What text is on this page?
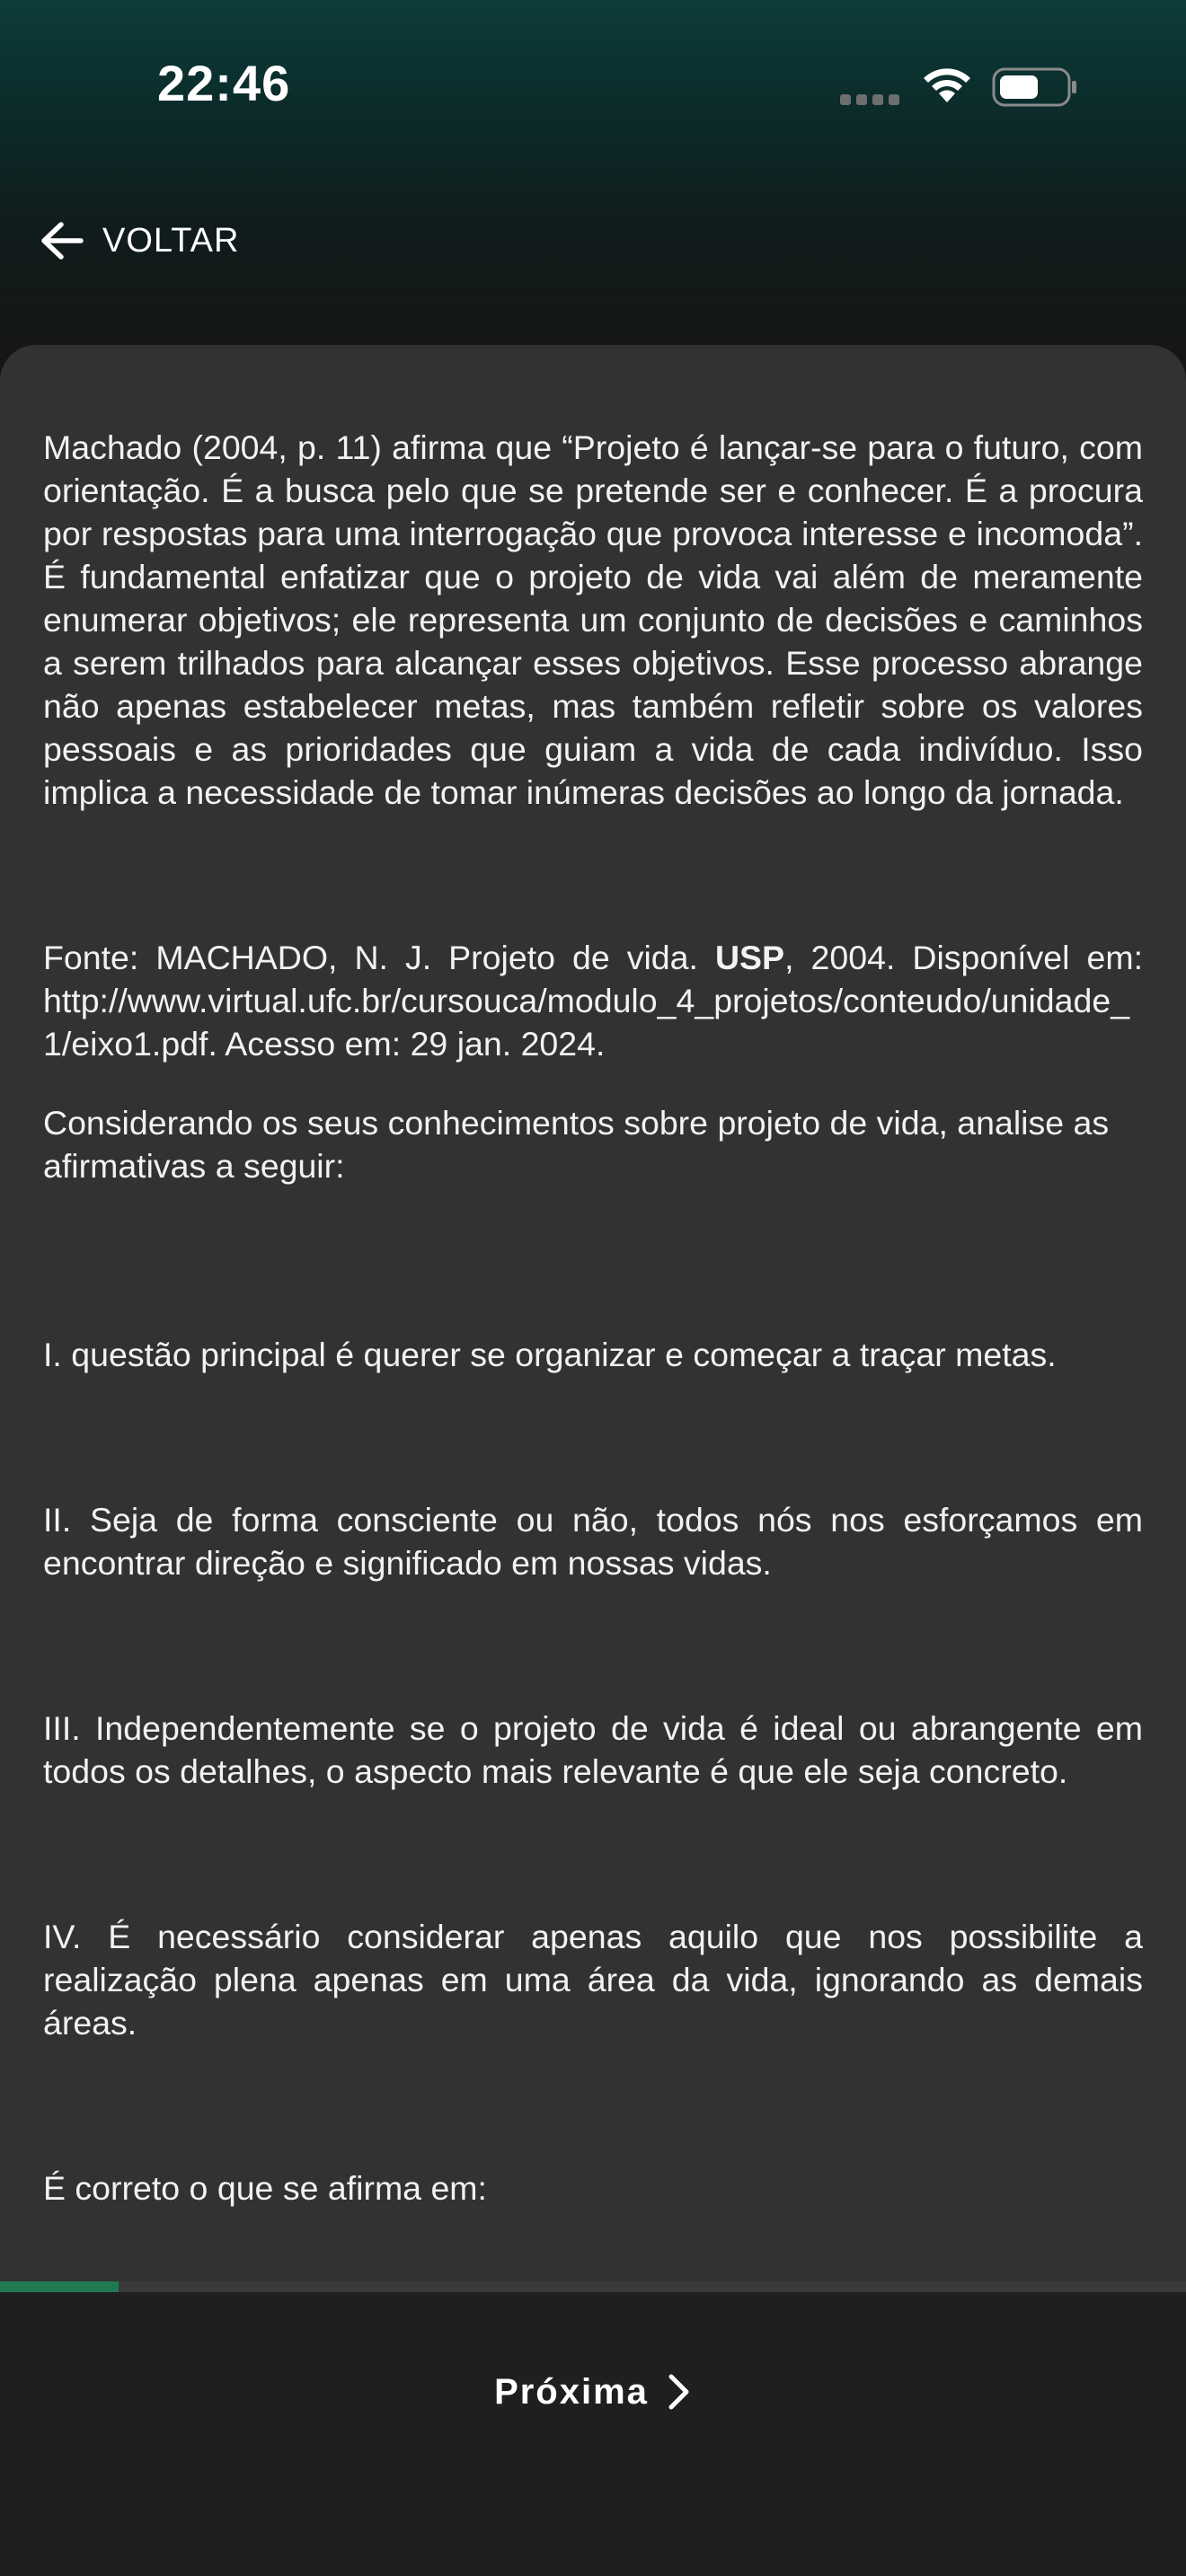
22:46
VOLTAR

Machado (2004, p. 11) afirma que “Projeto é lançar-se para o futuro, com orientação. É a busca pelo que se pretende ser e conhecer. É a procura por respostas para uma interrogação que provoca interesse e incomoda”. É fundamental enfatizar que o projeto de vida vai além de meramente enumerar objetivos; ele representa um conjunto de decisões e caminhos a serem trilhados para alcançar esses objetivos. Esse processo abrange não apenas estabelecer metas, mas também refletir sobre os valores pessoais e as prioridades que guiam a vida de cada indivíduo. Isso implica a necessidade de tomar inúmeras decisões ao longo da jornada.

Fonte: MACHADO, N. J. Projeto de vida. USP, 2004. Disponível em: http://www.virtual.ufc.br/cursouca/modulo_4_projetos/conteudo/unidade_1/eixo1.pdf. Acesso em: 29 jan. 2024.

Considerando os seus conhecimentos sobre projeto de vida, analise as afirmativas a seguir:

I. questão principal é querer se organizar e começar a traçar metas.

II. Seja de forma consciente ou não, todos nós nos esforçamos em encontrar direção e significado em nossas vidas.

III. Independentemente se o projeto de vida é ideal ou abrangente em todos os detalhes, o aspecto mais relevante é que ele seja concreto.

IV. É necessário considerar apenas aquilo que nos possibilite a realização plena apenas em uma área da vida, ignorando as demais áreas.

É correto o que se afirma em:

Próxima
